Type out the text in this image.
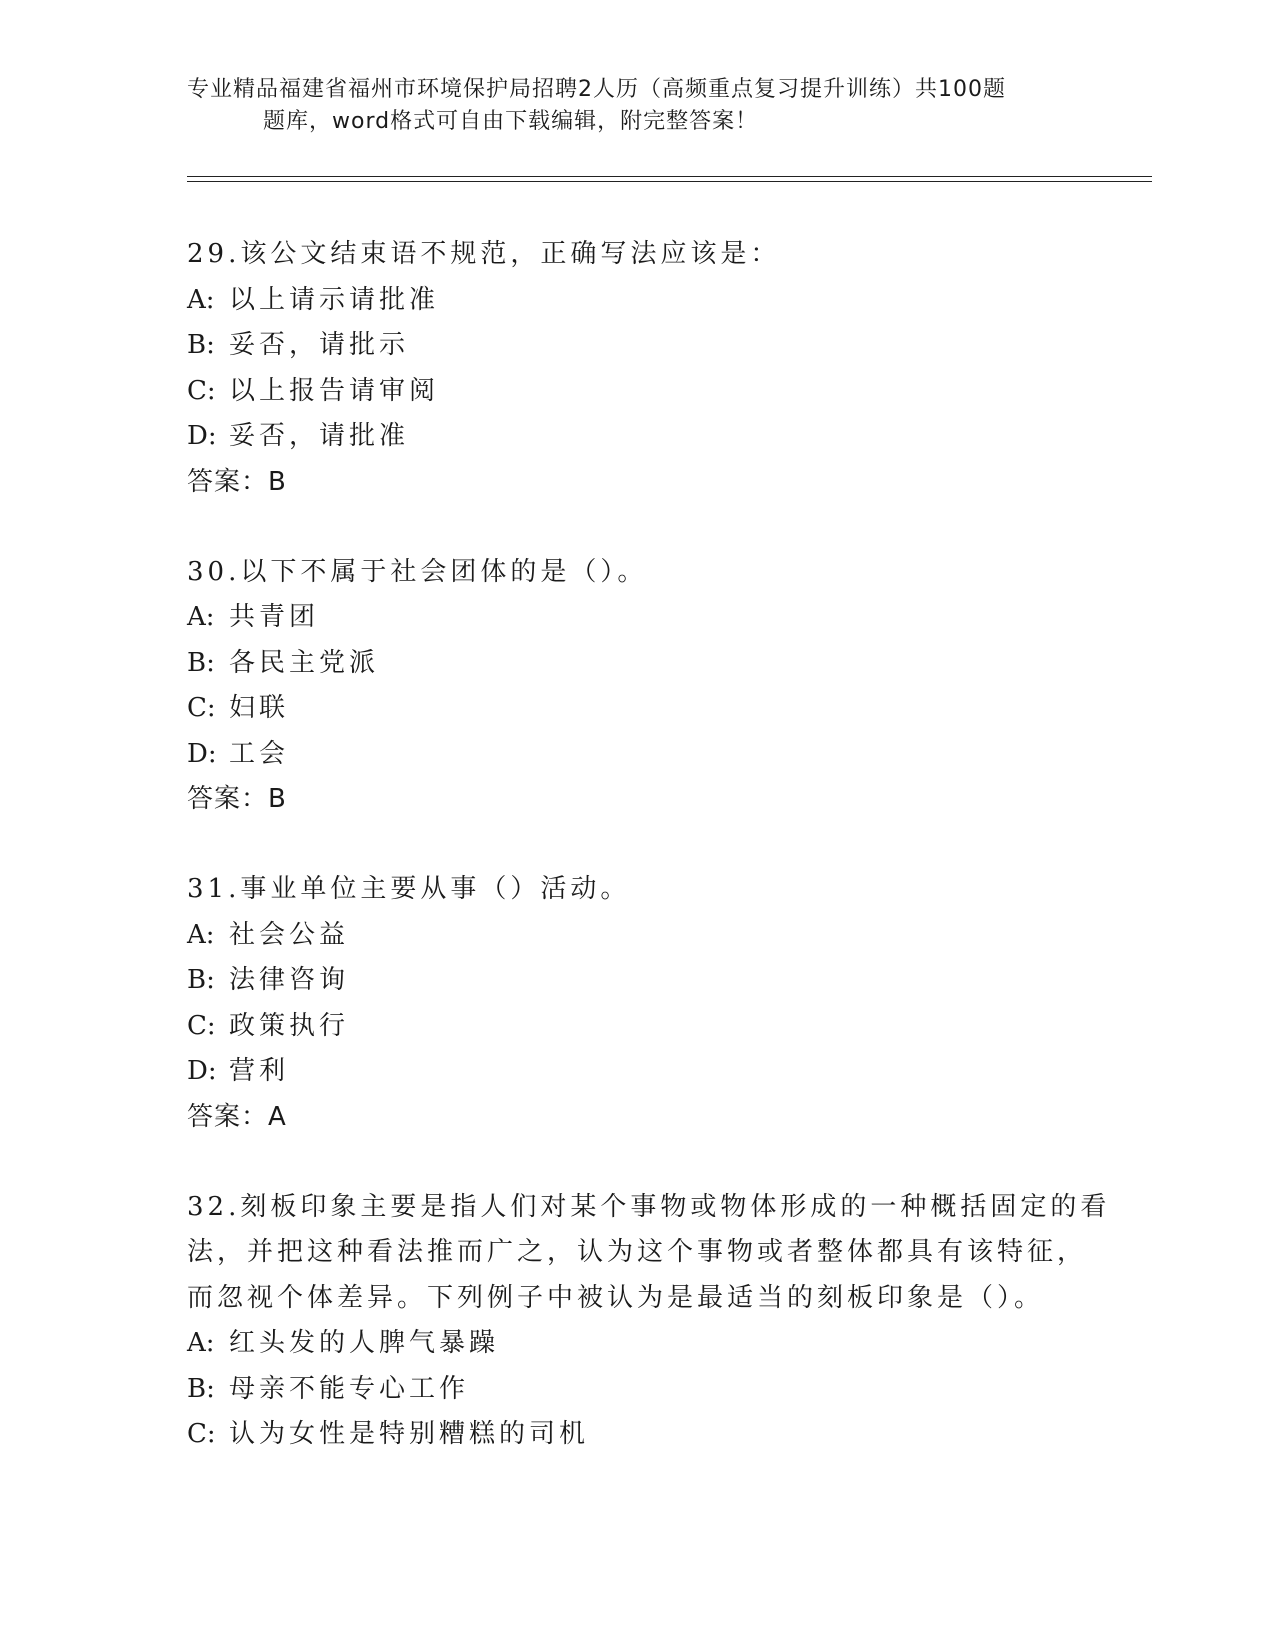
专业精品福建省福州市环境保护局招聘2人历（高频重点复习提升训练）共100题
题库，word格式可自由下载编辑，附完整答案！

29.该公文结束语不规范，正确写法应该是：

A: 以上请示请批准

B: 妥否，请批示

C: 以上报告请审阅

D: 妥否，请批准

答案：B

30.以下不属于社会团体的是（）。

A: 共青团

B: 各民主党派

C: 妇联

D: 工会

答案：B

31.事业单位主要从事（）活动。

A: 社会公益

B: 法律咨询

C: 政策执行

D: 营利

答案：A

32.刻板印象主要是指人们对某个事物或物体形成的一种概括固定的看

法，并把这种看法推而广之，认为这个事物或者整体都具有该特征，

而忽视个体差异。下列例子中被认为是最适当的刻板印象是（）。

A: 红头发的人脾气暴躁

B: 母亲不能专心工作

C: 认为女性是特别糟糕的司机
